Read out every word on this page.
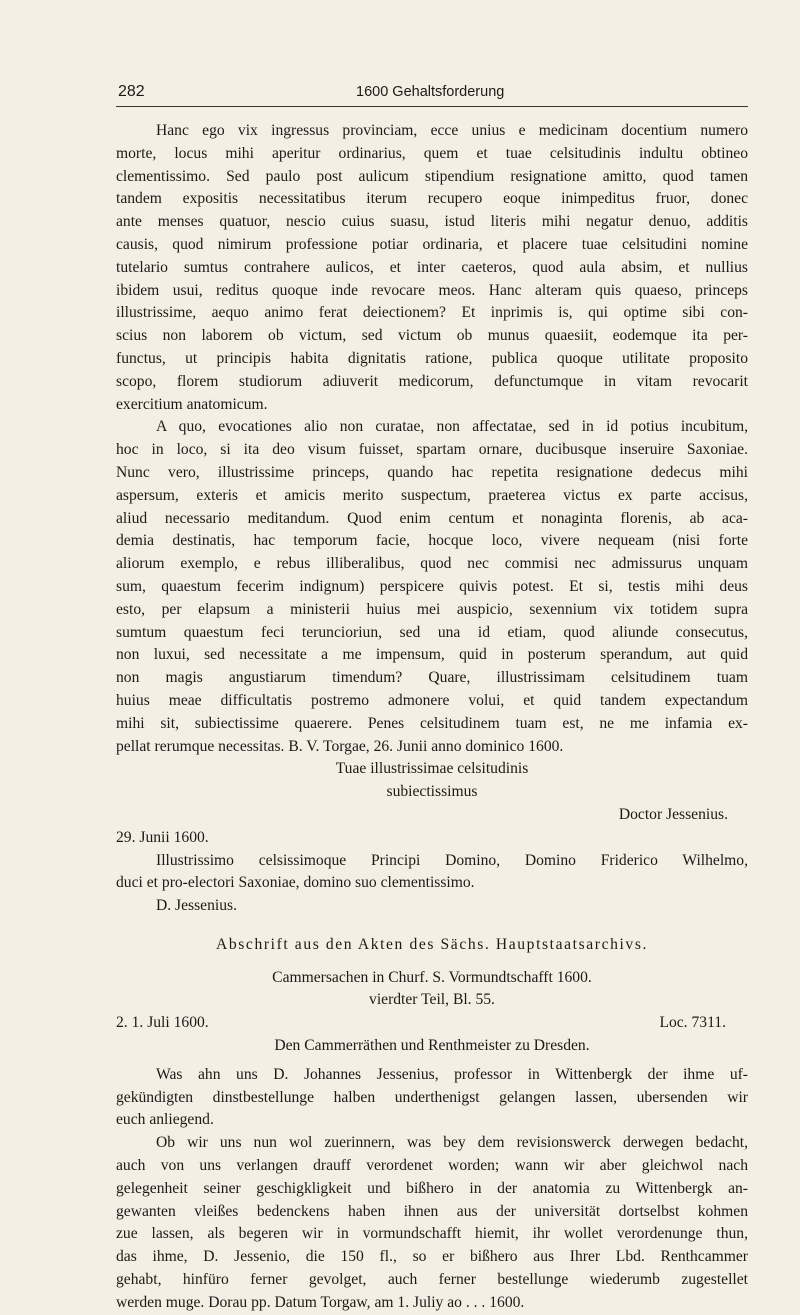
282	1600 Gehaltsforderung

Hanc ego vix ingressus provinciam, ecce unius e medicinam docentium numero

morte, locus mihi aperitur ordinarius, quem et tuae celsitudinis indultu obtineo

clementissimo. Sed paulo post aulicum stipendium resignatione amitto, quod tamen

tandem expositis necessitatibus iterum recupero eoque inimpeditus fruor, donec

ante menses quatuor, nescio cuius suasu, istud literis mihi negatur denuo, additis

causis, quod nimirum professione potiar ordinaria, et placere tuae celsitudini nomine

tutelario sumtus contrahere aulicos, et inter caeteros, quod aula absim, et nullius

ibidem usui, reditus quoque inde revocare meos. Hanc alteram quis quaeso, princeps

illustrissime, aequo animo ferat deiectionem? Et inprimis is, qui optime sibi con-

scius non laborem ob victum, sed victum ob munus quaesiit, eodemque ita per-

functus, ut principis habita dignitatis ratione, publica quoque utilitate proposito

scopo, florem studiorum adiuverit medicorum, defunctumque in vitam revocarit

exercitium anatomicum.

A quo, evocationes alio non curatae, non affectatae, sed in id potius incubitum,

hoc in loco, si ita deo visum fuisset, spartam ornare, ducibusque inseruire Saxoniae.

Nunc vero, illustrissime princeps, quando hac repetita resignatione dedecus mihi

aspersum, exteris et amicis merito suspectum, praeterea victus ex parte accisus,

aliud necessario meditandum. Quod enim centum et nonaginta florenis, ab aca-

demia destinatis, hac temporum facie, hocque loco, vivere nequeam (nisi forte

aliorum exemplo, e rebus illiberalibus, quod nec commisi nec admissurus unquam

sum, quaestum fecerim indignum) perspicere quivis potest. Et si, testis mihi deus

esto, per elapsum a ministerii huius mei auspicio, sexennium vix totidem supra

sumtum quaestum feci teruncioriun, sed una id etiam, quod aliunde consecutus,

non luxui, sed necessitate a me impensum, quid in posterum sperandum, aut quid

non magis angustiarum timendum? Quare, illustrissimam celsitudinem tuam

huius meae difficultatis postremo admonere volui, et quid tandem expectandum

mihi sit, subiectissime quaerere. Penes celsitudinem tuam est, ne me infamia ex-

pellat rerumque necessitas. B. V. Torgae, 26. Junii anno dominico 1600.

Tuae illustrissimae celsitudinis

subiectissimus

Doctor Jessenius.

29. Junii 1600.

Illustrissimo celsissimoque Principi Domino, Domino Friderico Wilhelmo,

duci et pro-electori Saxoniae, domino suo clementissimo.

D. Jessenius.

Abschrift aus den Akten des Sächs. Hauptstaatsarchivs.

Cammersachen in Churf. S. Vormundtschafft 1600.

vierdter Teil, Bl. 55.

2. 1. Juli 1600.	Loc. 7311.

Den Cammerräthen und Renthmeister zu Dresden.

Was ahn uns D. Johannes Jessenius, professor in Wittenbergk der ihme uf-

gekündigten dinstbestellunge halben underthenigst gelangen lassen, ubersenden wir

euch anliegend.

Ob wir uns nun wol zuerinnern, was bey dem revisionswerck derwegen bedacht,

auch von uns verlangen drauff verordenet worden; wann wir aber gleichwol nach

gelegenheit seiner geschigkligkeit und bißhero in der anatomia zu Wittenbergk an-

gewanten vleißes bedenckens haben ihnen aus der universität dortselbst kohmen

zue lassen, als begeren wir in vormundschafft hiemit, ihr wollet verordenunge thun,

das ihme, D. Jessenio, die 150 fl., so er bißhero aus Ihrer Lbd. Renthcammer

gehabt, hinfüro ferner gevolget, auch ferner bestellunge wiederumb zugestellet

werden muge. Dorau pp. Datum Torgaw, am 1. Juliy ao . . . 1600.
